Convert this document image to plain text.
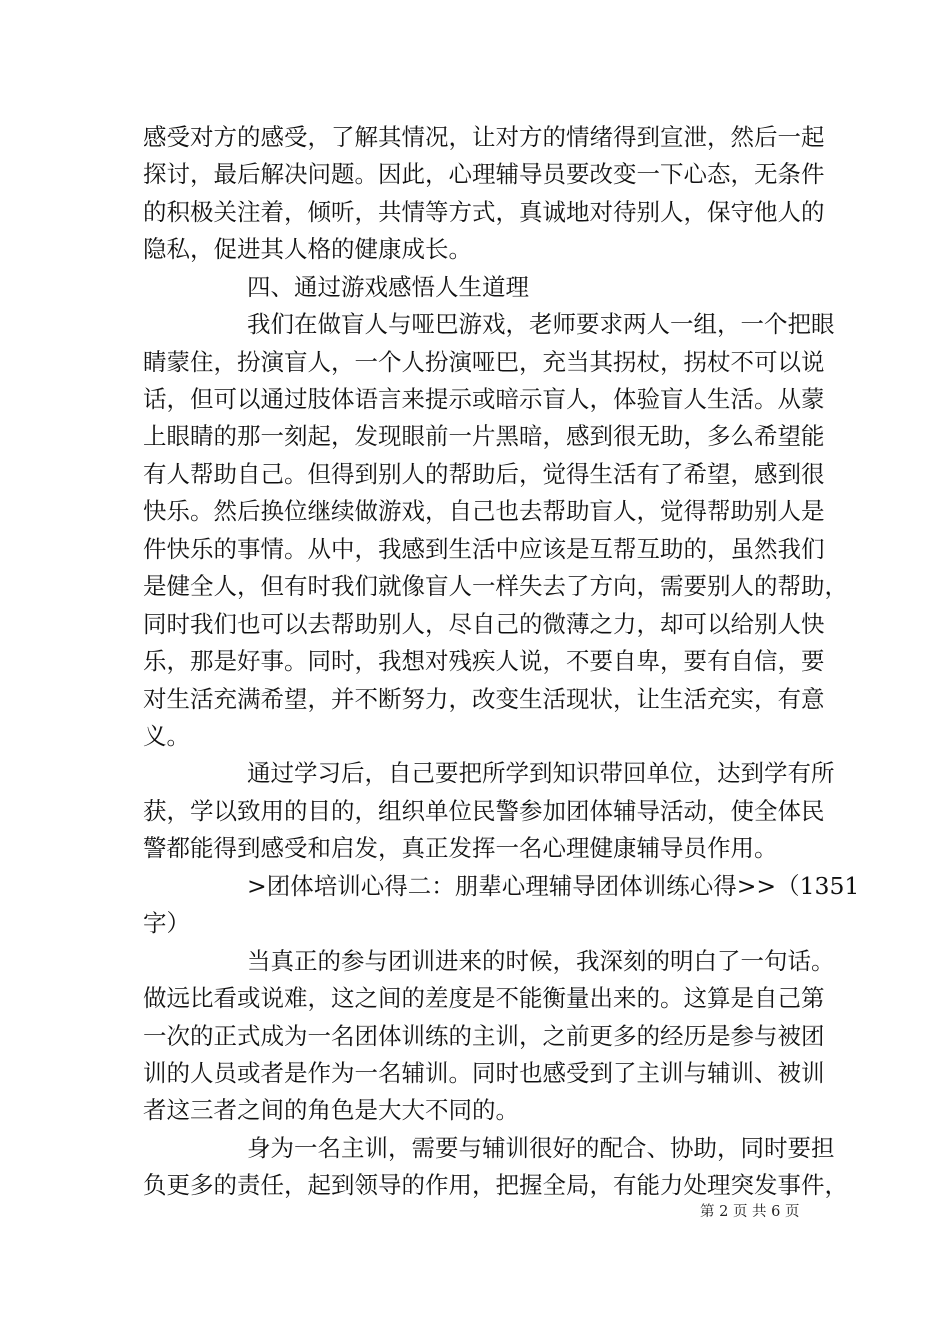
感受对方的感受，了解其情况，让对方的情绪得到宣泄，然后一起

探讨，最后解决问题。因此，心理辅导员要改变一下心态，无条件

的积极关注着，倾听，共情等方式，真诚地对待别人，保守他人的

隐私，促进其人格的健康成长。

四、通过游戏感悟人生道理

我们在做盲人与哑巴游戏，老师要求两人一组，一个把眼

睛蒙住，扮演盲人，一个人扮演哑巴，充当其拐杖，拐杖不可以说

话，但可以通过肢体语言来提示或暗示盲人，体验盲人生活。从蒙

上眼睛的那一刻起，发现眼前一片黑暗，感到很无助，多么希望能

有人帮助自己。但得到别人的帮助后，觉得生活有了希望，感到很

快乐。然后换位继续做游戏，自己也去帮助盲人，觉得帮助别人是

件快乐的事情。从中，我感到生活中应该是互帮互助的，虽然我们

是健全人，但有时我们就像盲人一样失去了方向，需要别人的帮助，

同时我们也可以去帮助别人，尽自己的微薄之力，却可以给别人快

乐，那是好事。同时，我想对残疾人说，不要自卑，要有自信，要

对生活充满希望，并不断努力，改变生活现状，让生活充实，有意

义。

通过学习后，自己要把所学到知识带回单位，达到学有所

获，学以致用的目的，组织单位民警参加团体辅导活动，使全体民

警都能得到感受和启发，真正发挥一名心理健康辅导员作用。

>团体培训心得二：朋辈心理辅导团体训练心得>>（1351

字）

当真正的参与团训进来的时候，我深刻的明白了一句话。

做远比看或说难，这之间的差度是不能衡量出来的。这算是自己第

一次的正式成为一名团体训练的主训，之前更多的经历是参与被团

训的人员或者是作为一名辅训。同时也感受到了主训与辅训、被训

者这三者之间的角色是大大不同的。

身为一名主训，需要与辅训很好的配合、协助，同时要担

负更多的责任，起到领导的作用，把握全局，有能力处理突发事件，

第 2 页 共 6 页
